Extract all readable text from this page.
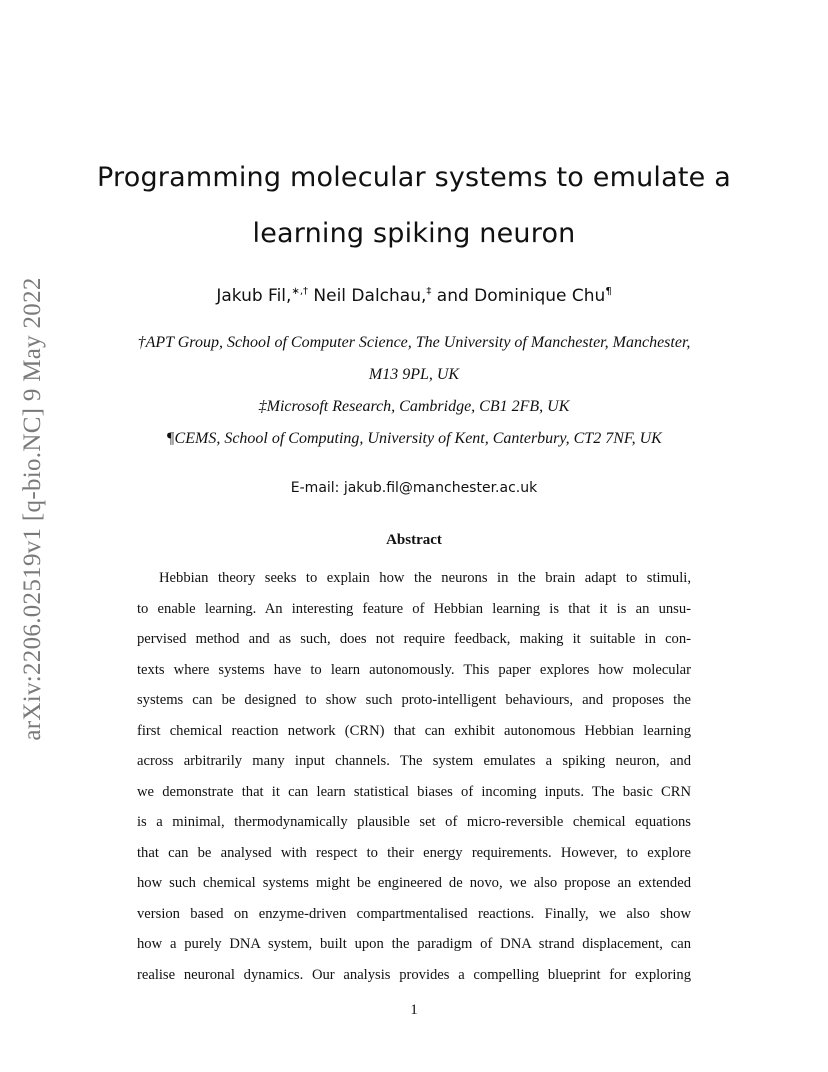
arXiv:2206.02519v1 [q-bio.NC] 9 May 2022
Programming molecular systems to emulate a
learning spiking neuron
Jakub Fil,∗,† Neil Dalchau,‡ and Dominique Chu¶
†APT Group, School of Computer Science, The University of Manchester, Manchester,
M13 9PL, UK
‡Microsoft Research, Cambridge, CB1 2FB, UK
¶CEMS, School of Computing, University of Kent, Canterbury, CT2 7NF, UK
E-mail: jakub.fil@manchester.ac.uk
Abstract
Hebbian theory seeks to explain how the neurons in the brain adapt to stimuli,
to enable learning. An interesting feature of Hebbian learning is that it is an unsu-
pervised method and as such, does not require feedback, making it suitable in con-
texts where systems have to learn autonomously. This paper explores how molecular
systems can be designed to show such proto-intelligent behaviours, and proposes the
first chemical reaction network (CRN) that can exhibit autonomous Hebbian learning
across arbitrarily many input channels. The system emulates a spiking neuron, and
we demonstrate that it can learn statistical biases of incoming inputs. The basic CRN
is a minimal, thermodynamically plausible set of micro-reversible chemical equations
that can be analysed with respect to their energy requirements. However, to explore
how such chemical systems might be engineered de novo, we also propose an extended
version based on enzyme-driven compartmentalised reactions. Finally, we also show
how a purely DNA system, built upon the paradigm of DNA strand displacement, can
realise neuronal dynamics. Our analysis provides a compelling blueprint for exploring
1
